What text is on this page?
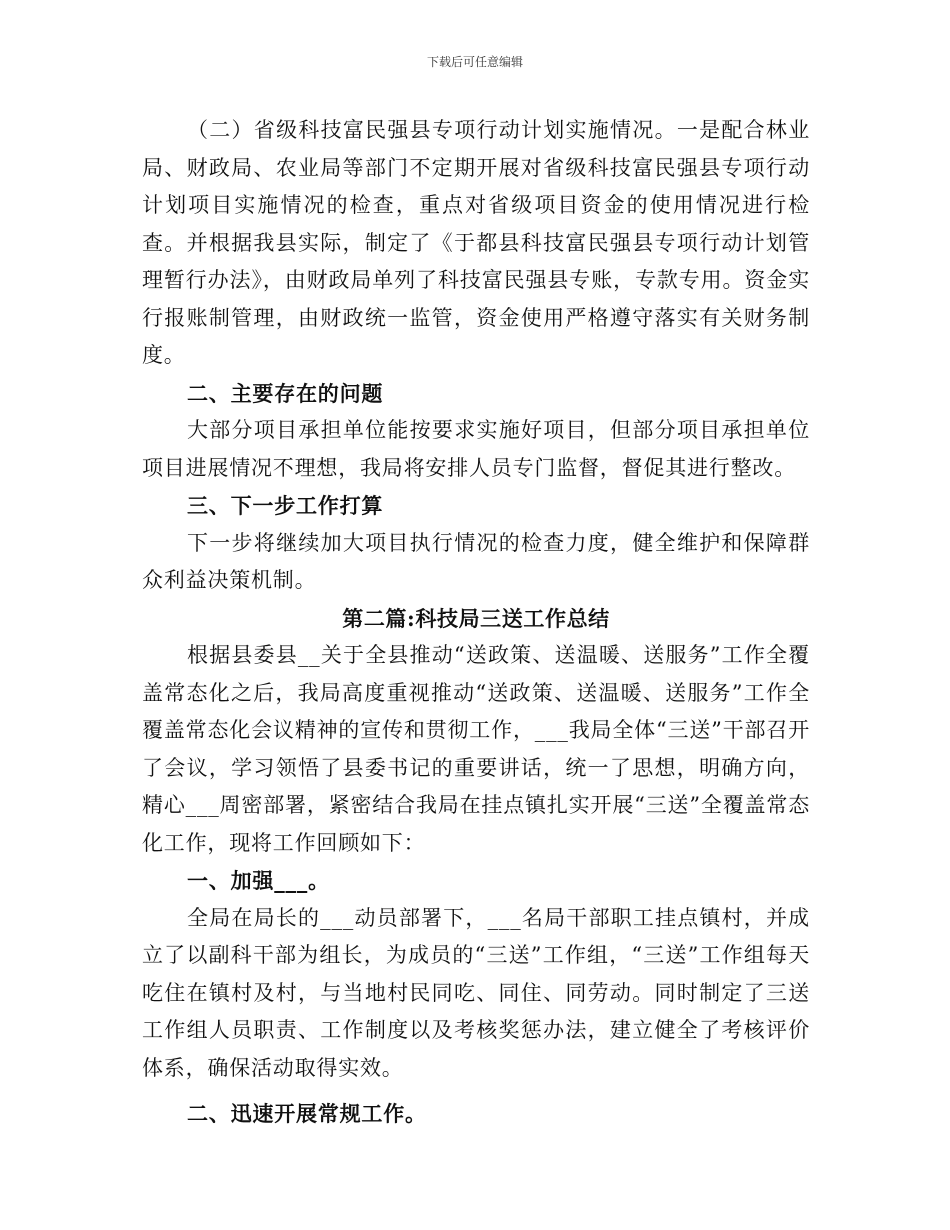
下载后可任意编辑

（二）省级科技富民强县专项行动计划实施情况。一是配合林业局、财政局、农业局等部门不定期开展对省级科技富民强县专项行动计划项目实施情况的检查，重点对省级项目资金的使用情况进行检查。并根据我县实际，制定了《于都县科技富民强县专项行动计划管理暂行办法》，由财政局单列了科技富民强县专账，专款专用。资金实行报账制管理，由财政统一监管，资金使用严格遵守落实有关财务制度。

二、主要存在的问题

大部分项目承担单位能按要求实施好项目，但部分项目承担单位项目进展情况不理想，我局将安排人员专门监督，督促其进行整改。

三、下一步工作打算

下一步将继续加大项目执行情况的检查力度，健全维护和保障群众利益决策机制。

第二篇:科技局三送工作总结

根据县委县__关于全县推动“送政策、送温暖、送服务”工作全覆盖常态化之后，我局高度重视推动“送政策、送温暖、送服务”工作全覆盖常态化会议精神的宣传和贯彻工作，___我局全体“三送”干部召开了会议，学习领悟了县委书记的重要讲话，统一了思想，明确方向，精心___周密部署，紧密结合我局在挂点镇扎实开展“三送”全覆盖常态化工作，现将工作回顾如下：

一、加强___。

全局在局长的___动员部署下，___名局干部职工挂点镇村，并成立了以副科干部为组长，为成员的“三送”工作组，“三送”工作组每天吃住在镇村及村，与当地村民同吃、同住、同劳动。同时制定了三送工作组人员职责、工作制度以及考核奖惩办法，建立健全了考核评价体系，确保活动取得实效。

二、迅速开展常规工作。
